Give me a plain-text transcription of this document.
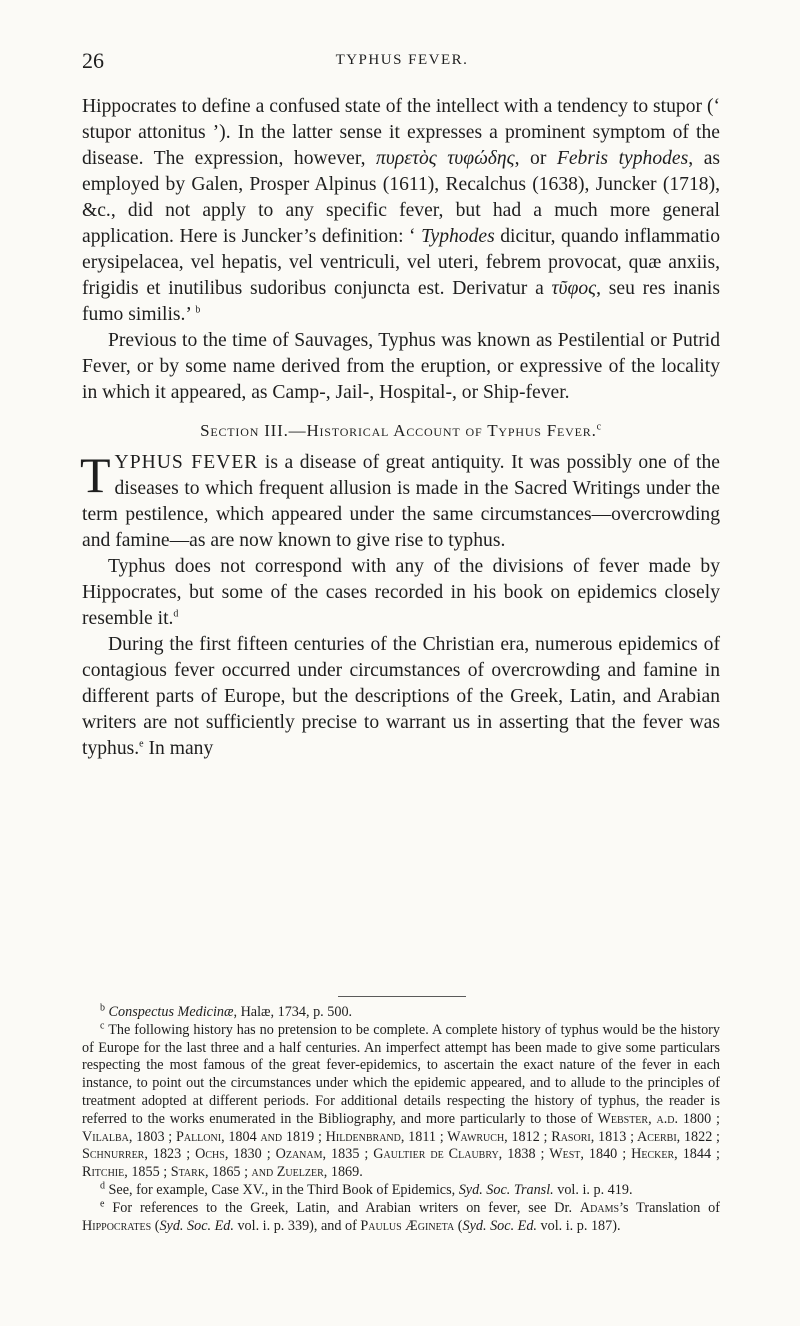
26	TYPHUS FEVER.

Hippocrates to define a confused state of the intellect with a tendency to stupor (‘ stupor attonitus ’). In the latter sense it expresses a prominent symptom of the disease. The expression, however, πυρετὸς τυφώδης, or Febris typhodes, as employed by Galen, Prosper Alpinus (1611), Recalchus (1638), Juncker (1718), &c., did not apply to any specific fever, but had a much more general application. Here is Juncker’s definition: ‘ Typhodes dicitur, quando inflammatio erysipelacea, vel hepatis, vel ventriculi, vel uteri, febrem provocat, quæ anxiis, frigidis et inutilibus sudoribus conjuncta est. Derivatur a τῦφος, seu res inanis fumo similis.’ $^b$

Previous to the time of Sauvages, Typhus was known as Pestilential or Putrid Fever, or by some name derived from the eruption, or expressive of the locality in which it appeared, as Camp-, Jail-, Hospital-, or Ship-fever.

Section III.—Historical Account of Typhus Fever.$^c$

TYPHUS FEVER is a disease of great antiquity. It was possibly one of the diseases to which frequent allusion is made in the Sacred Writings under the term pestilence, which appeared under the same circumstances—overcrowding and famine—as are now known to give rise to typhus.

Typhus does not correspond with any of the divisions of fever made by Hippocrates, but some of the cases recorded in his book on epidemics closely resemble it.$^d$

During the first fifteen centuries of the Christian era, numerous epidemics of contagious fever occurred under circumstances of overcrowding and famine in different parts of Europe, but the descriptions of the Greek, Latin, and Arabian writers are not sufficiently precise to warrant us in asserting that the fever was typhus.$^e$ In many

$^b$ Conspectus Medicinæ, Halæ, 1734, p. 500.

$^c$ The following history has no pretension to be complete. A complete history of typhus would be the history of Europe for the last three and a half centuries. An imperfect attempt has been made to give some particulars respecting the most famous of the great fever-epidemics, to ascertain the exact nature of the fever in each instance, to point out the circumstances under which the epidemic appeared, and to allude to the principles of treatment adopted at different periods. For additional details respecting the history of typhus, the reader is referred to the works enumerated in the Bibliography, and more particularly to those of Webster, a.d. 1800 ; Vilalba, 1803 ; Palloni, 1804 and 1819 ; Hildenbrand, 1811 ; Wawruch, 1812 ; Rasori, 1813 ; Acerbi, 1822 ; Schnurrer, 1823 ; Ochs, 1830 ; Ozanam, 1835 ; Gaultier de Claubry, 1838 ; West, 1840 ; Hecker, 1844 ; Ritchie, 1855 ; Stark, 1865 ; and Zuelzer, 1869.

$^d$ See, for example, Case XV., in the Third Book of Epidemics, Syd. Soc. Transl. vol. i. p. 419.

$^e$ For references to the Greek, Latin, and Arabian writers on fever, see Dr. Adams’s Translation of Hippocrates (Syd. Soc. Ed. vol. i. p. 339), and of Paulus Ægineta (Syd. Soc. Ed. vol. i. p. 187).
